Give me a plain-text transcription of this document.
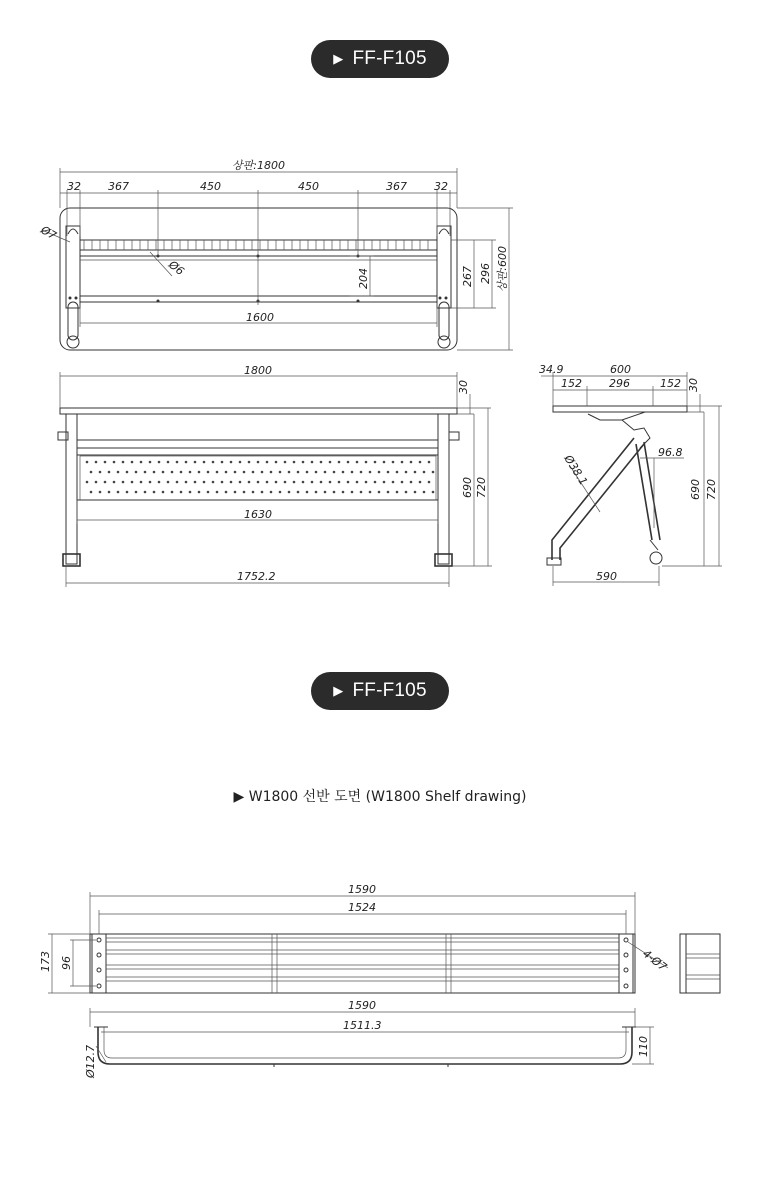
▶ FF-F105
▶ FF-F105
▶ W1800 선반 도면 (W1800 Shelf drawing)
상판:1800
32 367	450	450	367 32
Ø7
Ø6	204	267 296 상판:600
1600
1800
30
690 720
1630
1752.2
34.9	600
152 296	152 30
96.8
Ø38.1
690 720
590
1590
1524
173 96	4-Ø7
1590
1511.3
110
Ø12.7
